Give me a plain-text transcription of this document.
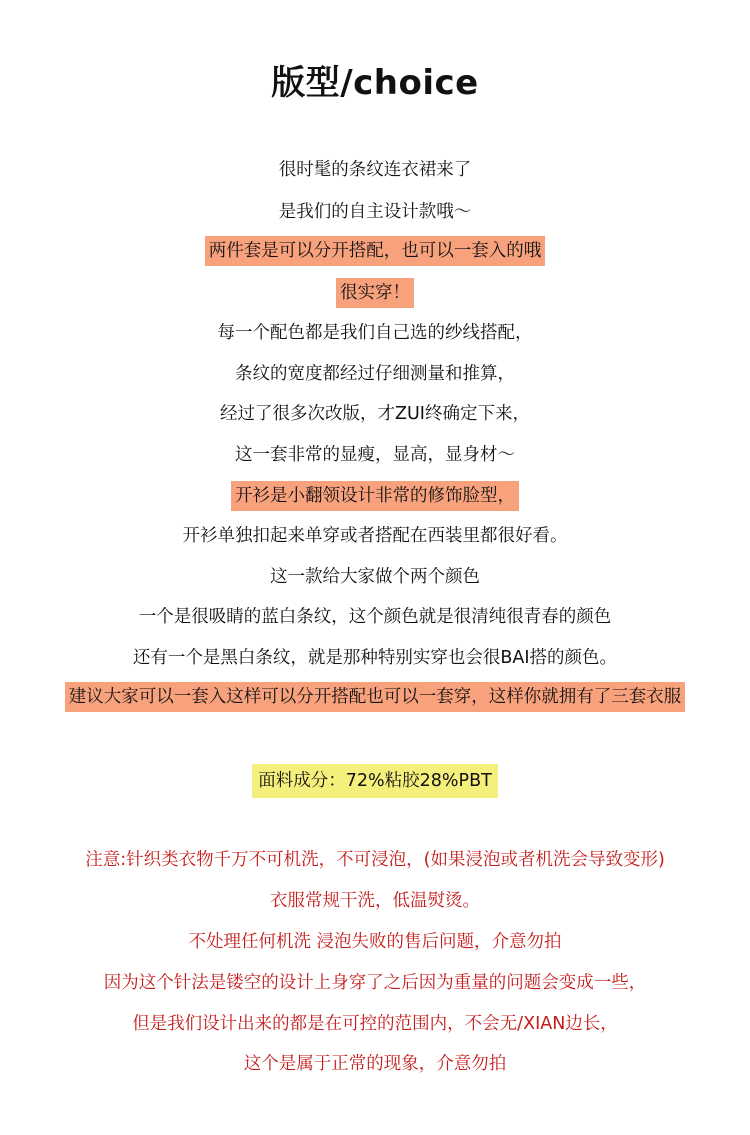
版型/choice
很时髦的条纹连衣裙来了
是我们的自主设计款哦～
两件套是可以分开搭配，也可以一套入的哦
很实穿！
每一个配色都是我们自己选的纱线搭配，
条纹的宽度都经过仔细测量和推算，
经过了很多次改版，才ZUI终确定下来，
这一套非常的显瘦，显高，显身材～
开衫是小翻领设计非常的修饰脸型，
开衫单独扣起来单穿或者搭配在西装里都很好看。
这一款给大家做个两个颜色
一个是很吸睛的蓝白条纹，这个颜色就是很清纯很青春的颜色
还有一个是黑白条纹，就是那种特别实穿也会很BAI搭的颜色。
建议大家可以一套入这样可以分开搭配也可以一套穿，这样你就拥有了三套衣服
面料成分：72%粘胶28%PBT
注意:针织类衣物千万不可机洗，不可浸泡，(如果浸泡或者机洗会导致变形)
衣服常规干洗，低温熨烫。
不处理任何机洗 浸泡失败的售后问题，介意勿拍
因为这个针法是镂空的设计上身穿了之后因为重量的问题会变成一些，
但是我们设计出来的都是在可控的范围内，不会无/XIAN边长，
这个是属于正常的现象，介意勿拍
